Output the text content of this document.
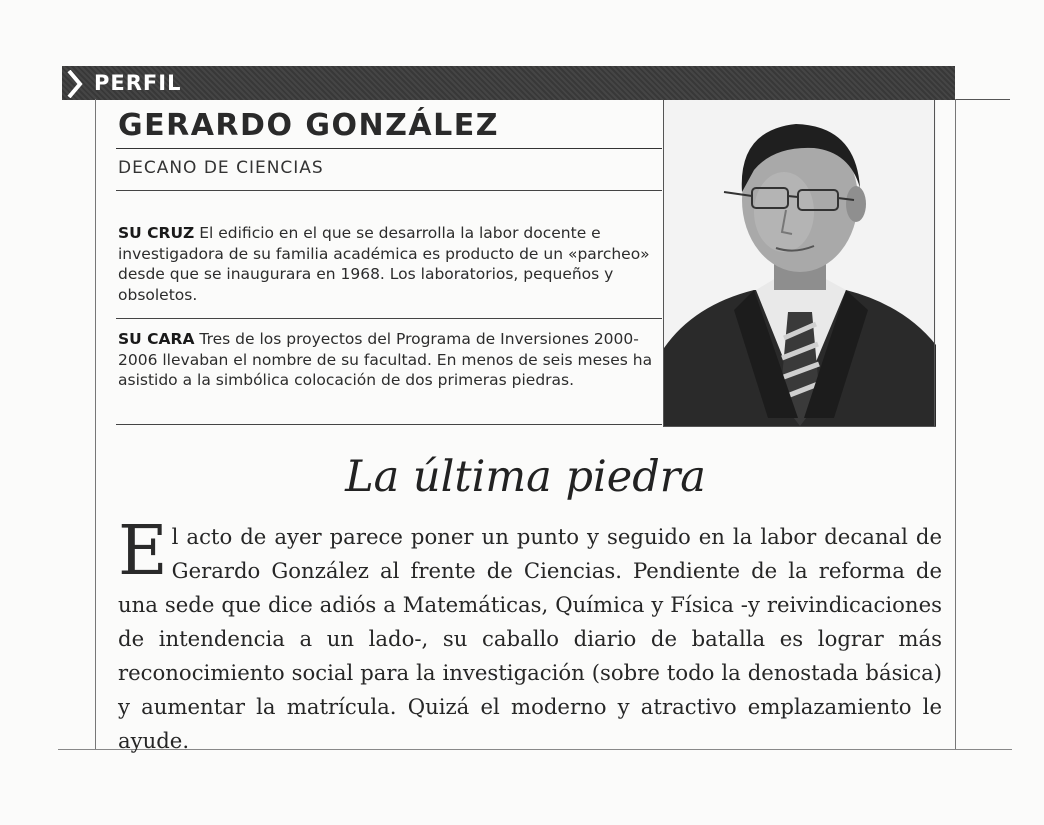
PERFIL
GERARDO GONZÁLEZ
DECANO DE CIENCIAS
SU CRUZ El edificio en el que se desarrolla la labor docente e investigadora de su familia académica es producto de un «parcheo» desde que se inaugurara en 1968. Los laboratorios, pequeños y obsoletos.
SU CARA Tres de los proyectos del Programa de Inversiones 2000-2006 llevaban el nombre de su facultad. En menos de seis meses ha asistido a la simbólica colocación de dos primeras piedras.
La última piedra
El acto de ayer parece poner un punto y seguido en la labor decanal de Gerardo González al frente de Ciencias. Pendiente de la reforma de una sede que dice adiós a Matemáticas, Química y Física -y reivindicaciones de intendencia a un lado-, su caballo diario de batalla es lograr más reconocimiento social para la investigación (sobre todo la denostada básica) y aumentar la matrícula. Quizá el moderno y atractivo emplazamiento le ayude.
